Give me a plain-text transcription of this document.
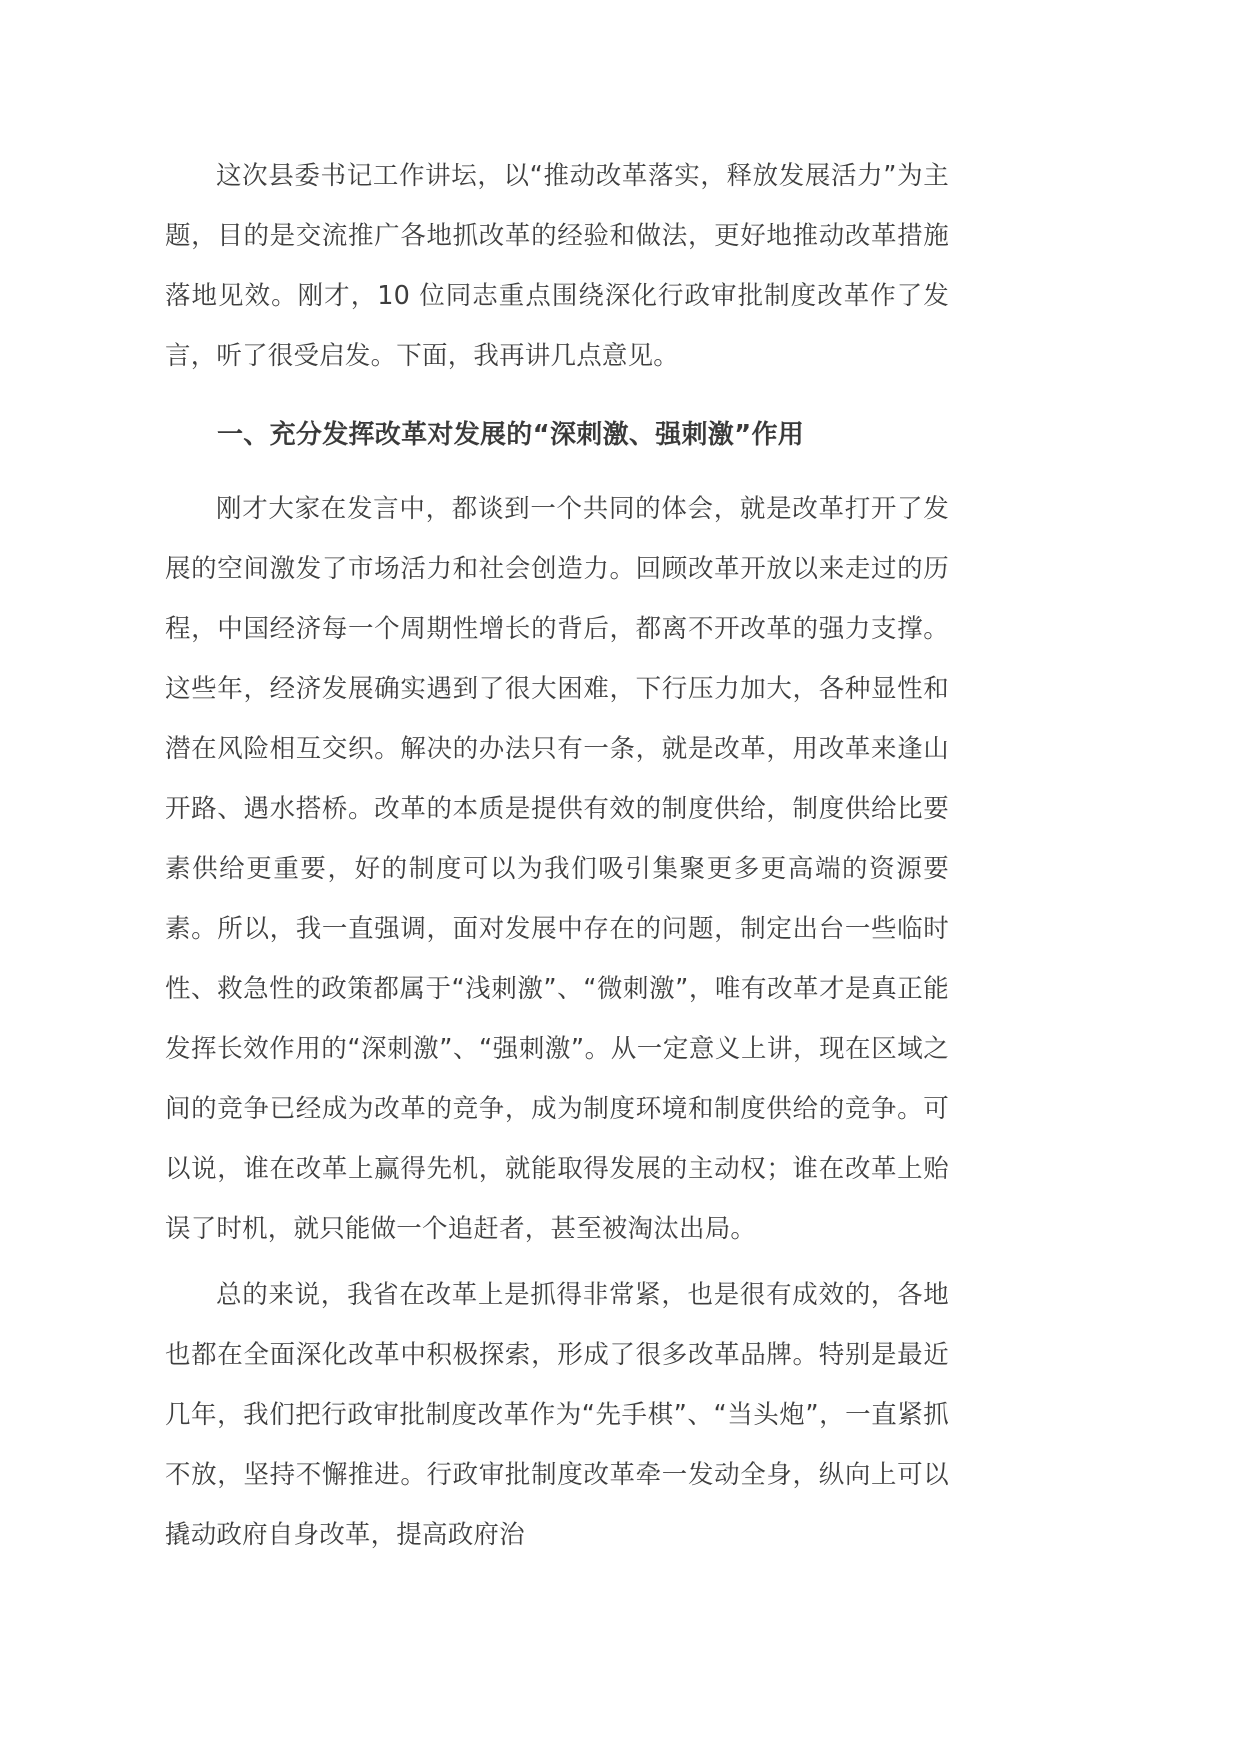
这次县委书记工作讲坛，以“推动改革落实，释放发展活力”为主题，目的是交流推广各地抓改革的经验和做法，更好地推动改革措施落地见效。刚才，10 位同志重点围绕深化行政审批制度改革作了发言，听了很受启发。下面，我再讲几点意见。

一、充分发挥改革对发展的“深刺激、强刺激”作用

刚才大家在发言中，都谈到一个共同的体会，就是改革打开了发展的空间激发了市场活力和社会创造力。回顾改革开放以来走过的历程，中国经济每一个周期性增长的背后，都离不开改革的强力支撑。这些年，经济发展确实遇到了很大困难，下行压力加大，各种显性和潜在风险相互交织。解决的办法只有一条，就是改革，用改革来逢山开路、遇水搭桥。改革的本质是提供有效的制度供给，制度供给比要素供给更重要，好的制度可以为我们吸引集聚更多更高端的资源要素。所以，我一直强调，面对发展中存在的问题，制定出台一些临时性、救急性的政策都属于“浅刺激”、“微刺激”，唯有改革才是真正能发挥长效作用的“深刺激”、“强刺激”。从一定意义上讲，现在区域之间的竞争已经成为改革的竞争，成为制度环境和制度供给的竞争。可以说，谁在改革上赢得先机，就能取得发展的主动权；谁在改革上贻误了时机，就只能做一个追赶者，甚至被淘汰出局。

总的来说，我省在改革上是抓得非常紧，也是很有成效的，各地也都在全面深化改革中积极探索，形成了很多改革品牌。特别是最近几年，我们把行政审批制度改革作为“先手棋”、“当头炮”，一直紧抓不放，坚持不懈推进。行政审批制度改革牵一发动全身，纵向上可以撬动政府自身改革，提高政府治
